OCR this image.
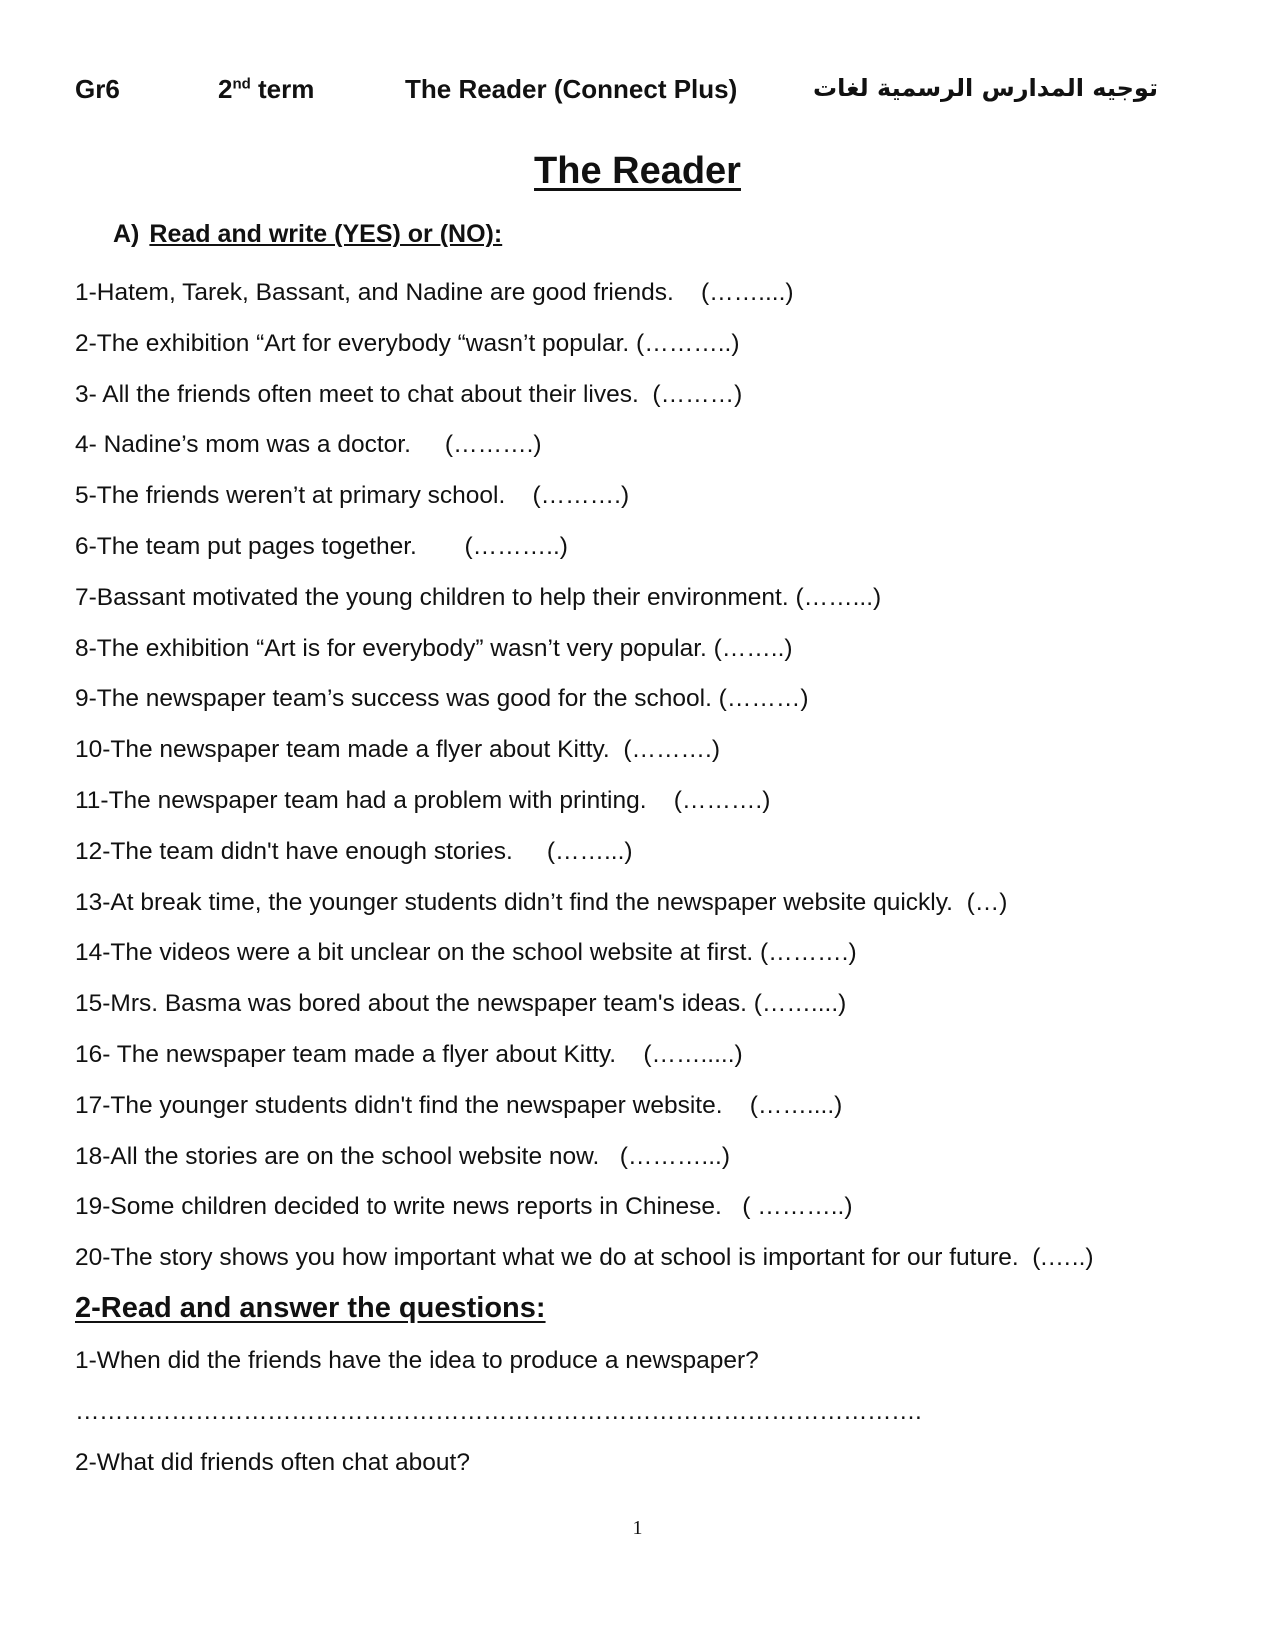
Gr6	2nd term	The Reader (Connect Plus)	توجيه المدارس الرسمية لغات
The Reader
A) Read and write (YES) or (NO):
1-Hatem, Tarek, Bassant, and Nadine are good friends.    (……....)
2-The exhibition “Art for everybody “wasn’t popular. (………..)
3- All the friends often meet to chat about their lives.  (………)
4- Nadine’s mom was a doctor.     (……….)
5-The friends weren’t at primary school.    (……….)
6-The team put pages together.       (………..)
7-Bassant motivated the young children to help their environment. (……...)
8-The exhibition “Art is for everybody” wasn’t very popular. (……..)
9-The newspaper team’s success was good for the school. (………)
10-The newspaper team made a flyer about Kitty.  (……….)
11-The newspaper team had a problem with printing.    (……….)
12-The team didn't have enough stories.     (……...)
13-At break time, the younger students didn’t find the newspaper website quickly.  (…)
14-The videos were a bit unclear on the school website at first. (……….)
15-Mrs. Basma was bored about the newspaper team's ideas. (……....)
16- The newspaper team made a flyer about Kitty.    (…….....)
17-The younger students didn't find the newspaper website.    (……....)
18-All the stories are on the school website now.   (………...)
19-Some children decided to write news reports in Chinese.   ( ………..)
20-The story shows you how important what we do at school is important for our future.  (.…..)
2-Read and answer the questions:
1-When did the friends have the idea to produce a newspaper?
…………………………………………………………………………………………….
2-What did friends often chat about?
1
